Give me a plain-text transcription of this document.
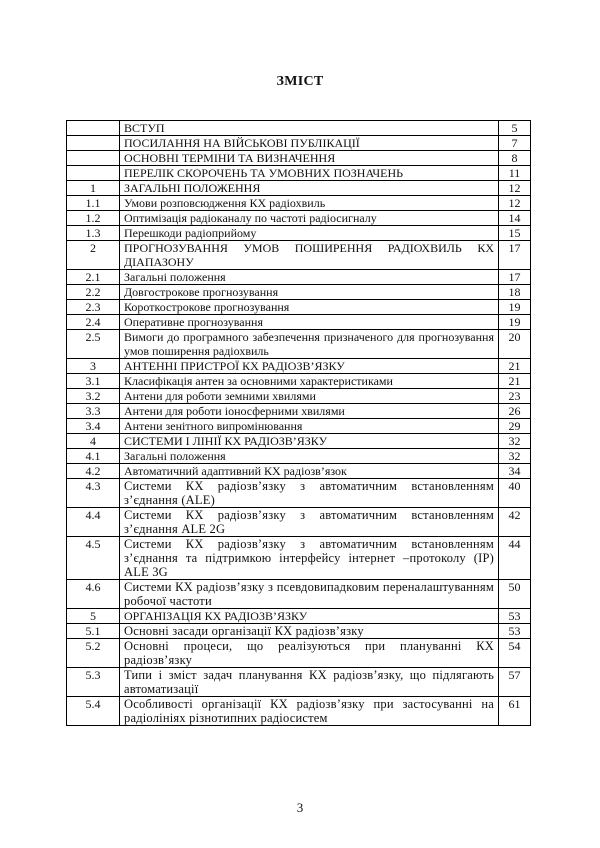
ЗМІСТ
	ВСТУП	5
	ПОСИЛАННЯ НА ВІЙСЬКОВІ ПУБЛІКАЦІЇ	7
	ОСНОВНІ ТЕРМІНИ ТА ВИЗНАЧЕННЯ	8
	ПЕРЕЛІК СКОРОЧЕНЬ ТА УМОВНИХ ПОЗНАЧЕНЬ	11
1	ЗАГАЛЬНІ ПОЛОЖЕННЯ	12
1.1	Умови розповсюдження КХ радіохвиль	12
1.2	Оптимізація радіоканалу по частоті радіосигналу	14
1.3	Перешкоди радіоприйому	15
2	ПРОГНОЗУВАННЯ УМОВ ПОШИРЕННЯ РАДІОХВИЛЬ КХ ДІАПАЗОНУ	17
2.1	Загальні положення	17
2.2	Довгострокове прогнозування	18
2.3	Короткострокове прогнозування	19
2.4	Оперативне прогнозування	19
2.5	Вимоги до програмного забезпечення призначеного для прогнозування умов поширення радіохвиль	20
3	АНТЕННІ ПРИСТРОЇ КХ РАДІОЗВ’ЯЗКУ	21
3.1	Класифікація антен за основними характеристиками	21
3.2	Антени для роботи земними хвилями	23
3.3	Антени для роботи іоносферними хвилями	26
3.4	Антени зенітного випромінювання	29
4	СИСТЕМИ І ЛІНІЇ КХ РАДІОЗВ’ЯЗКУ	32
4.1	Загальні положення	32
4.2	Автоматичний адаптивний КХ радіозв’язок	34
4.3	Системи КХ радіозв’язку з автоматичним встановленням з’єднання (ALE)	40
4.4	Системи КХ радіозв’язку з автоматичним встановленням з’єднання ALE 2G	42
4.5	Системи КХ радіозв’язку з автоматичним встановленням з’єднання та підтримкою інтерфейсу інтернет –протоколу (IP) ALE 3G	44
4.6	Системи КХ радіозв’язку з псевдовипадковим переналаштуванням робочої частоти	50
5	ОРГАНІЗАЦІЯ КХ РАДІОЗВ’ЯЗКУ	53
5.1	Основні засади організації КХ радіозв’язку	53
5.2	Основні процеси, що реалізуються при плануванні КХ радіозв’язку	54
5.3	Типи і зміст задач планування КХ радіозв’язку, що підлягають автоматизації	57
5.4	Особливості організації КХ радіозв’язку при застосуванні на радіолініях різнотипних радіосистем	61
3
